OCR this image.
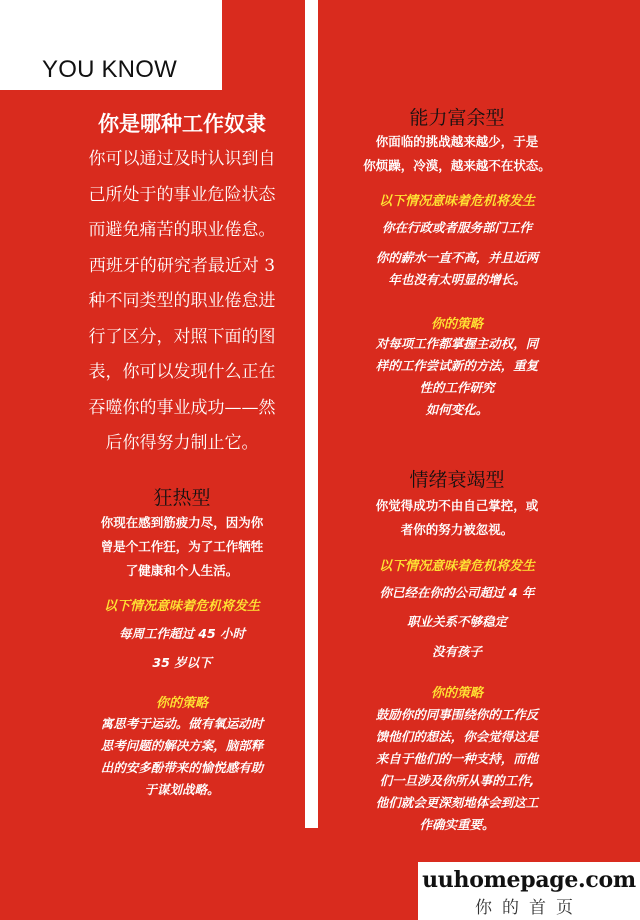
YOU KNOW
你是哪种工作奴隶
你可以通过及时认识到自
己所处于的事业危险状态
而避免痛苦的职业倦怠。
西班牙的研究者最近对 3
种不同类型的职业倦怠进
行了区分，对照下面的图
表，你可以发现什么正在
吞噬你的事业成功——然
后你得努力制止它。
狂热型
你现在感到筋疲力尽，因为你
曾是个工作狂，为了工作牺牲
了健康和个人生活。
以下情况意味着危机将发生
每周工作超过 45 小时
35 岁以下
你的策略
寓思考于运动。做有氧运动时
思考问题的解决方案，脑部释
出的安多酚带来的愉悦感有助
于谋划战略。
能力富余型
你面临的挑战越来越少，于是
你烦躁，冷漠，越来越不在状态。
以下情况意味着危机将发生
你在行政或者服务部门工作
你的薪水一直不高，并且近两
年也没有太明显的增长。
你的策略
对每项工作都掌握主动权，同
样的工作尝试新的方法，重复
性的工作研究
如何变化。
情绪衰竭型
你觉得成功不由自己掌控，或
者你的努力被忽视。
以下情况意味着危机将发生
你已经在你的公司超过 4 年
职业关系不够稳定
没有孩子
你的策略
鼓励你的同事围绕你的工作反
馈他们的想法，你会觉得这是
来自于他们的一种支持，而他
们一旦涉及你所从事的工作,
他们就会更深刻地体会到这工
作确实重要。
uuhomepage.com
你的首页
